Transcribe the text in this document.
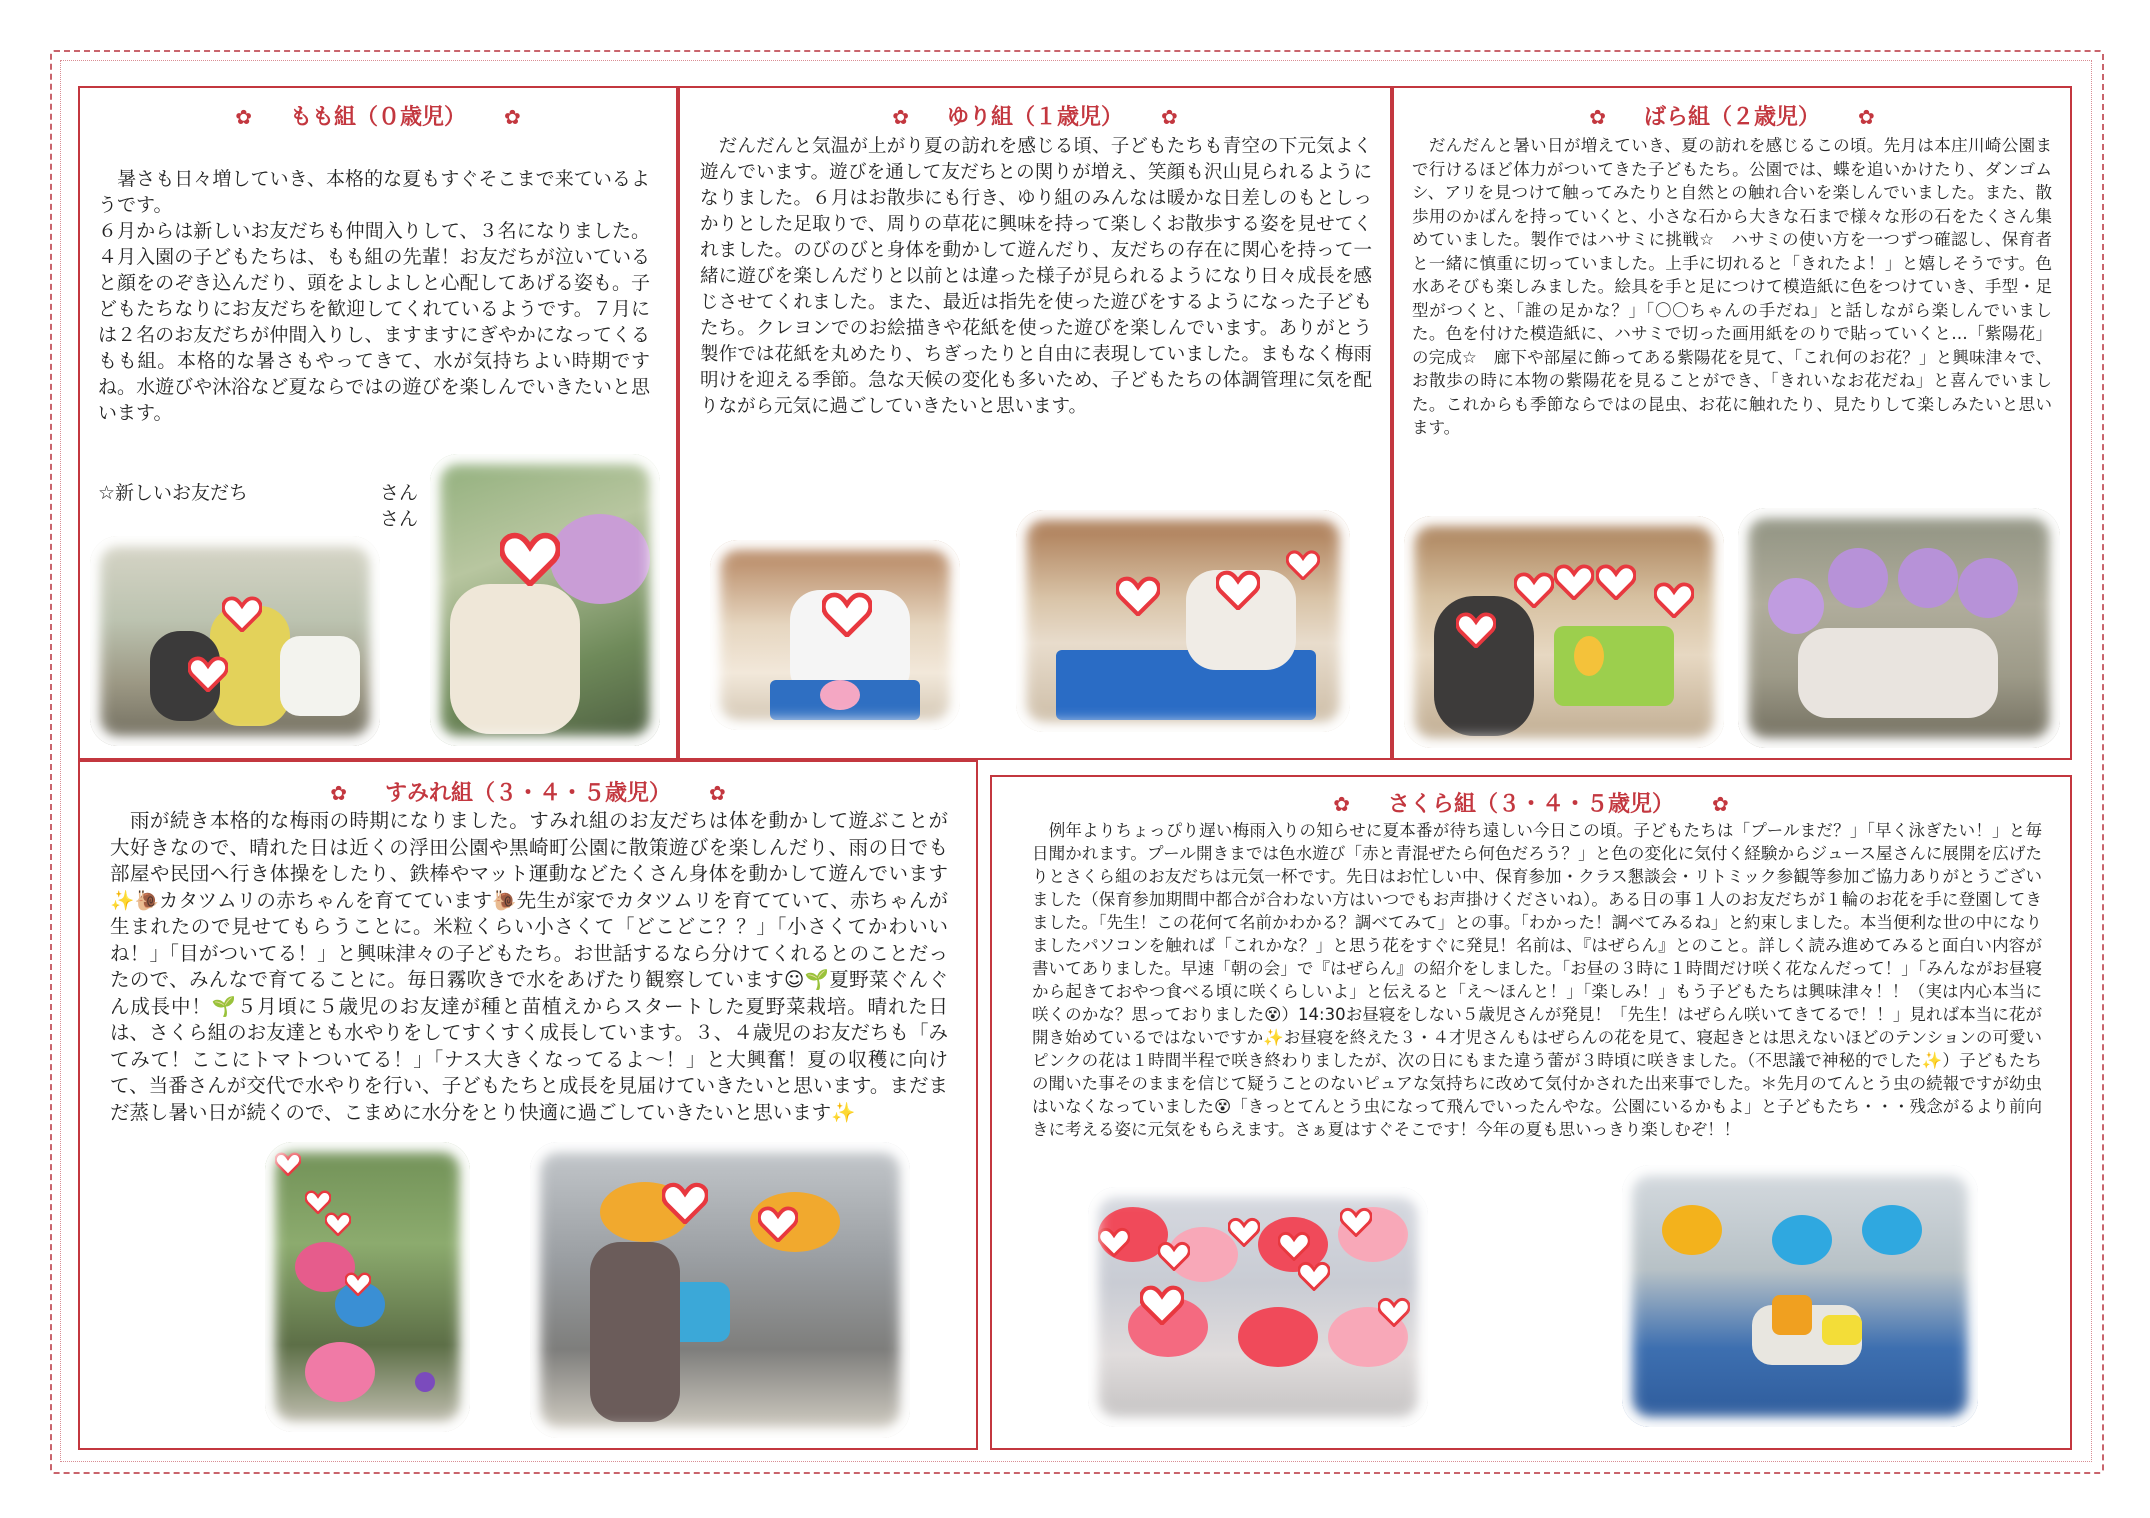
✿ もも組（０歳児） ✿
　暑さも日々増していき、本格的な夏もすぐそこまで来ているようです。
６月からは新しいお友だちも仲間入りして、３名になりました。４月入園の子どもたちは、もも組の先輩！お友だちが泣いていると顔をのぞき込んだり、頭をよしよしと心配してあげる姿も。子どもたちなりにお友だちを歓迎してくれているようです。７月には２名のお友だちが仲間入りし、ますますにぎやかになってくるもも組。本格的な暑さもやってきて、水が気持ちよい時期ですね。水遊びや沐浴など夏ならではの遊びを楽しんでいきたいと思います。
☆新しいお友だち	さん
さん
✿ ゆり組（１歳児） ✿
　だんだんと気温が上がり夏の訪れを感じる頃、子どもたちも青空の下元気よく遊んでいます。遊びを通して友だちとの関りが増え、笑顔も沢山見られるようになりました。６月はお散歩にも行き、ゆり組のみんなは暖かな日差しのもとしっかりとした足取りで、周りの草花に興味を持って楽しくお散歩する姿を見せてくれました。のびのびと身体を動かして遊んだり、友だちの存在に関心を持って一緒に遊びを楽しんだりと以前とは違った様子が見られるようになり日々成長を感じさせてくれました。また、最近は指先を使った遊びをするようになった子どもたち。クレヨンでのお絵描きや花紙を使った遊びを楽しんでいます。ありがとう製作では花紙を丸めたり、ちぎったりと自由に表現していました。まもなく梅雨明けを迎える季節。急な天候の変化も多いため、子どもたちの体調管理に気を配りながら元気に過ごしていきたいと思います。
✿ ばら組（２歳児） ✿
　だんだんと暑い日が増えていき、夏の訪れを感じるこの頃。先月は本庄川崎公園まで行けるほど体力がついてきた子どもたち。公園では、蝶を追いかけたり、ダンゴムシ、アリを見つけて触ってみたりと自然との触れ合いを楽しんでいました。また、散歩用のかばんを持っていくと、小さな石から大きな石まで様々な形の石をたくさん集めていました。製作ではハサミに挑戦☆　ハサミの使い方を一つずつ確認し、保育者と一緒に慎重に切っていました。上手に切れると「きれたよ！」と嬉しそうです。色水あそびも楽しみました。絵具を手と足につけて模造紙に色をつけていき、手型・足型がつくと、「誰の足かな？」「〇〇ちゃんの手だね」と話しながら楽しんでいました。色を付けた模造紙に、ハサミで切った画用紙をのりで貼っていくと…「紫陽花」の完成☆　廊下や部屋に飾ってある紫陽花を見て、「これ何のお花？」と興味津々で、お散歩の時に本物の紫陽花を見ることができ、「きれいなお花だね」と喜んでいました。これからも季節ならではの昆虫、お花に触れたり、見たりして楽しみたいと思います。
✿ すみれ組（３・４・５歳児） ✿
　雨が続き本格的な梅雨の時期になりました。すみれ組のお友だちは体を動かして遊ぶことが大好きなので、晴れた日は近くの浮田公園や黒崎町公園に散策遊びを楽しんだり、雨の日でも部屋や民団へ行き体操をしたり、鉄棒やマット運動などたくさん身体を動かして遊んでいます✨🐌カタツムリの赤ちゃんを育てています🐌先生が家でカタツムリを育てていて、赤ちゃんが生まれたので見せてもらうことに。米粒くらい小さくて「どこどこ？？」「小さくてかわいいね！」「目がついてる！」と興味津々の子どもたち。お世話するなら分けてくれるとのことだったので、みんなで育てることに。毎日霧吹きで水をあげたり観察しています☺🌱夏野菜ぐんぐん成長中！🌱５月頃に５歳児のお友達が種と苗植えからスタートした夏野菜栽培。晴れた日は、さくら組のお友達とも水やりをしてすくすく成長しています。３、４歳児のお友だちも「みてみて！ここにトマトついてる！」「ナス大きくなってるよ～！」と大興奮！夏の収穫に向けて、当番さんが交代で水やりを行い、子どもたちと成長を見届けていきたいと思います。まだまだ蒸し暑い日が続くので、こまめに水分をとり快適に過ごしていきたいと思います✨
✿ さくら組（３・４・５歳児） ✿
　例年よりちょっぴり遅い梅雨入りの知らせに夏本番が待ち遠しい今日この頃。子どもたちは「プールまだ？」「早く泳ぎたい！」と毎日聞かれます。プール開きまでは色水遊び「赤と青混ぜたら何色だろう？」と色の変化に気付く経験からジュース屋さんに展開を広げたりとさくら組のお友だちは元気一杯です。先日はお忙しい中、保育参加・クラス懇談会・リトミック参観等参加ご協力ありがとうございました（保育参加期間中都合が合わない方はいつでもお声掛けくださいね）。ある日の事１人のお友だちが１輪のお花を手に登園してきました。「先生！この花何て名前かわかる？調べてみて」との事。「わかった！調べてみるね」と約束しました。本当便利な世の中になりましたパソコンを触れば「これかな？」と思う花をすぐに発見！名前は、『はぜらん』とのこと。詳しく読み進めてみると面白い内容が書いてありました。早速「朝の会」で『はぜらん』の紹介をしました。「お昼の３時に１時間だけ咲く花なんだって！」「みんながお昼寝から起きておやつ食べる頃に咲くらしいよ」と伝えると「え～ほんと！」「楽しみ！」もう子どもたちは興味津々！！（実は内心本当に咲くのかな？思っておりました😵）14:30お昼寝をしない５歳児さんが発見！「先生！はぜらん咲いてきてるで！！」見れば本当に花が開き始めているではないですか✨お昼寝を終えた３・４才児さんもはぜらんの花を見て、寝起きとは思えないほどのテンションの可愛いピンクの花は１時間半程で咲き終わりましたが、次の日にもまた違う蕾が３時頃に咲きました。（不思議で神秘的でした✨）子どもたちの聞いた事そのままを信じて疑うことのないピュアな気持ちに改めて気付かされた出来事でした。＊先月のてんとう虫の続報ですが幼虫はいなくなっていました😵「きっとてんとう虫になって飛んでいったんやな。公園にいるかもよ」と子どもたち・・・残念がるより前向きに考える姿に元気をもらえます。さぁ夏はすぐそこです！今年の夏も思いっきり楽しむぞ！！
